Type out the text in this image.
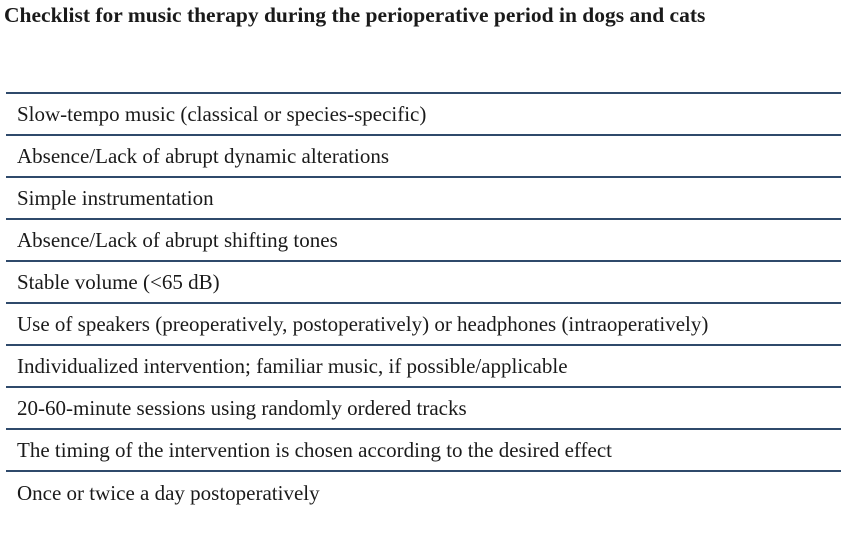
Checklist for music therapy during the perioperative period in dogs and cats
Slow-tempo music (classical or species-specific)
Absence/Lack of abrupt dynamic alterations
Simple instrumentation
Absence/Lack of abrupt shifting tones
Stable volume (<65 dB)
Use of speakers (preoperatively, postoperatively) or headphones (intraoperatively)
Individualized intervention; familiar music, if possible/applicable
20-60-minute sessions using randomly ordered tracks
The timing of the intervention is chosen according to the desired effect
Once or twice a day postoperatively
